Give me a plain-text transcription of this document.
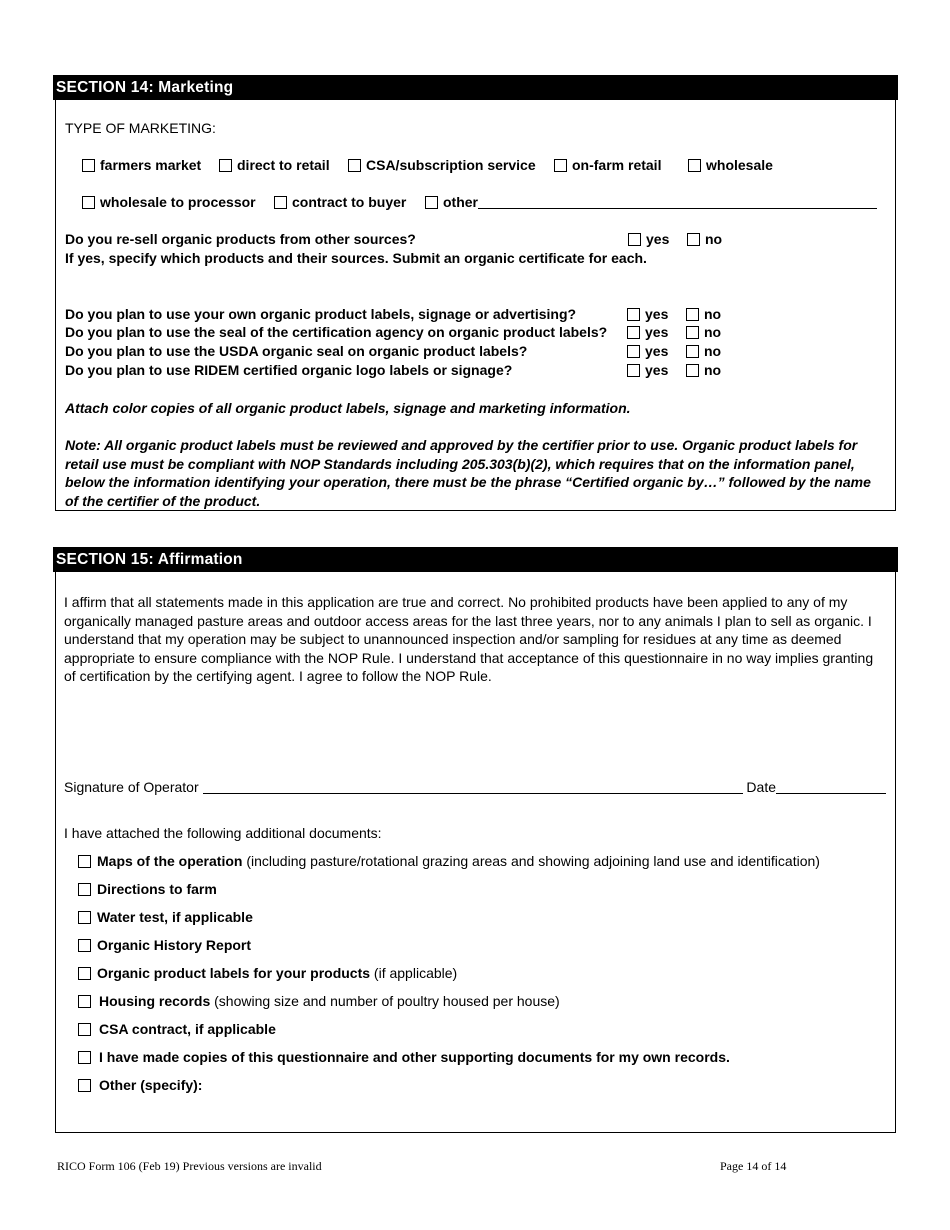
SECTION 14: Marketing
TYPE OF MARKETING:
farmers market	direct to retail	CSA/subscription service	on-farm retail	wholesale
wholesale to processor	contract to buyer	other
Do you re-sell organic products from other sources?	yes	no
If yes, specify which products and their sources. Submit an organic certificate for each.
Do you plan to use your own organic product labels, signage or advertising?	yes	no
Do you plan to use the seal of the certification agency on organic product labels?	yes	no
Do you plan to use the USDA organic seal on organic product labels?	yes	no
Do you plan to use RIDEM certified organic logo labels or signage?	yes	no
Attach color copies of all organic product labels, signage and marketing information.
Note: All organic product labels must be reviewed and approved by the certifier prior to use. Organic product labels for retail use must be compliant with NOP Standards including 205.303(b)(2), which requires that on the information panel, below the information identifying your operation, there must be the phrase “Certified organic by…” followed by the name of the certifier of the product.
SECTION 15: Affirmation
I affirm that all statements made in this application are true and correct. No prohibited products have been applied to any of my organically managed pasture areas and outdoor access areas for the last three years, nor to any animals I plan to sell as organic. I understand that my operation may be subject to unannounced inspection and/or sampling for residues at any time as deemed appropriate to ensure compliance with the NOP Rule. I understand that acceptance of this questionnaire in no way implies granting of certification by the certifying agent. I agree to follow the NOP Rule.
Signature of Operator	Date
I have attached the following additional documents:
Maps of the operation (including pasture/rotational grazing areas and showing adjoining land use and identification)
Directions to farm
Water test, if applicable
Organic History Report
Organic product labels for your products (if applicable)
Housing records (showing size and number of poultry housed per house)
CSA contract, if applicable
I have made copies of this questionnaire and other supporting documents for my own records.
Other (specify):
RICO Form 106 (Feb 19) Previous versions are invalid	Page 14 of 14
